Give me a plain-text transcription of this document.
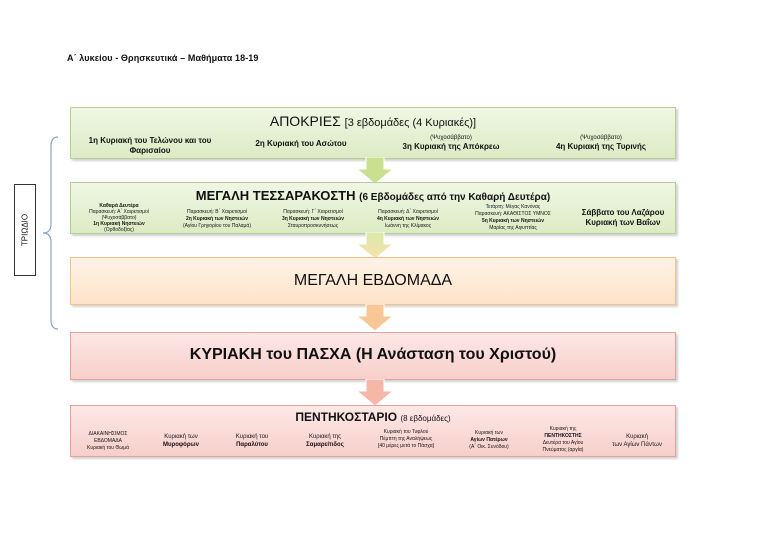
Α΄ λυκείου - Θρησκευτικά – Μαθήματα 18-19
ΤΡΙΩΔΙΟ
ΑΠΟΚΡΙΕΣ [3 εβδομάδες (4 Κυριακές)]
1η Κυριακή του Τελώνου και του Φαρισαίου
2η Κυριακή του Ασώτου
(Ψυχοσάββατο)
3η Κυριακή της Απόκρεω
(Ψυχοσάββατο)
4η Κυριακή της Τυρινής
ΜΕΓΑΛΗ ΤΕΣΣΑΡΑΚΟΣΤΗ (6 Εβδομάδες από την Καθαρή Δευτέρα)
Καθαρά Δευτέρα
Παρασκευή: Α΄ Χαιρετισμοί
(Ψυχοσάββατο)
1η Κυριακή Νηστειών
(Ορθοδοξίας)
Παρασκευή: Β΄ Χαιρετισμοί
2η Κυριακή των Νηστειών
(Αγίου Γρηγορίου του Παλαμά)
Παρασκευή: Γ΄ Χαιρετισμοί
3η Κυριακή των Νηστειών
Σταυροπροσκυνήσεως
Παρασκευή: Δ΄ Χαιρετισμοί
4η Κυριακή των Νηστειών
Ιωάννη της Κλίμακος
Τετάρτη: Μέγας Κανόνας
Παρασκευή: ΑΚΑΘΙΣΤΟΣ ΥΜΝΟΣ
5η Κυριακή των Νηστειών
Μαρίας της Αιγυπτίας
Σάββατο του Λαζάρου
Κυριακή των Βαΐων
ΜΕΓΑΛΗ ΕΒΔΟΜΑΔΑ
ΚΥΡΙΑΚΗ του ΠΑΣΧΑ (Η Ανάσταση του Χριστού)
ΠΕΝΤΗΚΟΣΤΑΡΙΟ (8 εβδομάδες)
ΔΙΑΚΑΙΝΗΣΙΜΟΣ
ΕΒΔΟΜΑΔΑ
Κυριακή του Θωμά
Κυριακή των
Μυροφόρων
Κυριακή του
Παραλύτου
Κυριακή της
Σαμαρείτιδος
Κυριακή του Τυφλού
Πέμπτη της Αναλήψεως
[40 μέρες μετά το Πάσχα]
Κυριακή των
Αγίων Πατέρων
(Α΄ Οικ. Συνόδου)
Κυριακή της
ΠΕΝΤΗΚΟΣΤΗΣ
Δευτέρα του Αγίου
Πνεύματος (αργία)
Κυριακή
των Αγίων Πάντων
